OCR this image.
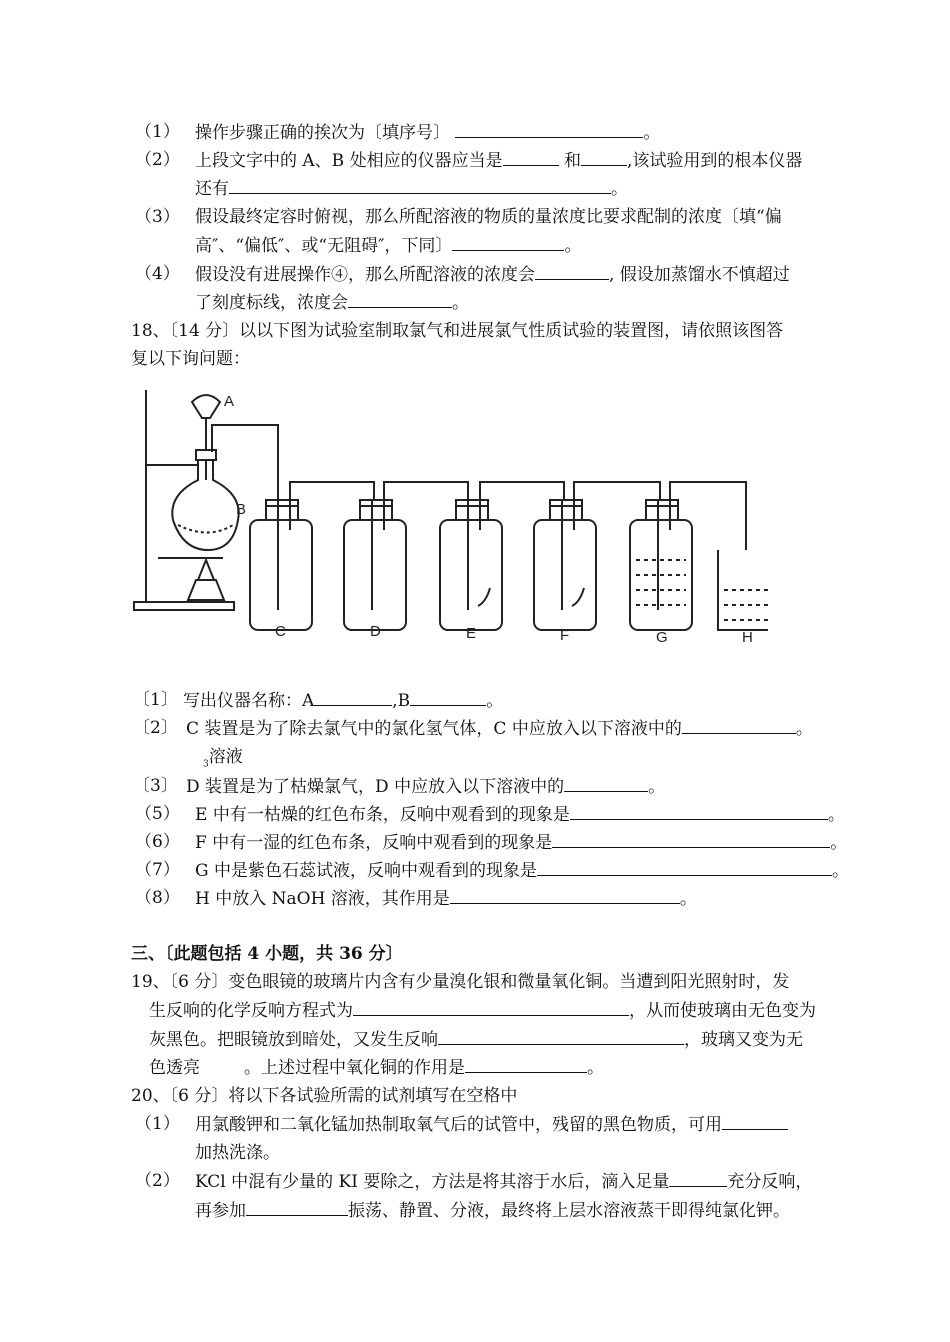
（1） 操作步骤正确的挨次为〔填序号〕	。
（2） 上段文字中的 A、B 处相应的仪器应当是	和	,该试验用到的根本仪器
还有	。
（3） 假设最终定容时俯视，那么所配溶液的物质的量浓度比要求配制的浓度〔填“偏
高″、“偏低″、或“无阻碍″，下同〕	。
（4） 假设没有进展操作④，那么所配溶液的浓度会	, 假设加蒸馏水不慎超过
了刻度标线，浓度会	。
18、〔14 分〕以以下图为试验室制取氯气和进展氯气性质试验的装置图，请依照该图答
复以下询问题：
A
B
C	D	E	F	G	H
〔1〕 写出仪器名称：A	,B	。
〔2〕 C 装置是为了除去氯气中的氯化氢气体，C 中应放入以下溶液中的	。
$_3$溶液
〔3〕 D 装置是为了枯燥氯气，D 中应放入以下溶液中的	。
（5） E 中有一枯燥的红色布条，反响中观看到的现象是	。
（6） F 中有一湿的红色布条，反响中观看到的现象是	。
（7） G 中是紫色石蕊试液，反响中观看到的现象是	。
（8） H 中放入 NaOH 溶液，其作用是	。
三、〔此题包括 4 小题，共 36 分〕
19、〔6 分〕变色眼镜的玻璃片内含有少量溴化银和微量氧化铜。当遭到阳光照射时，发
生反响的化学反响方程式为	，从而使玻璃由无色变为
灰黑色。把眼镜放到暗处，又发生反响	，玻璃又变为无
色透亮	。上述过程中氧化铜的作用是	。
20、〔6 分〕将以下各试验所需的试剂填写在空格中
（1） 用氯酸钾和二氧化锰加热制取氧气后的试管中，残留的黑色物质，可用
加热洗涤。
（2） KCl 中混有少量的 KI 要除之，方法是将其溶于水后，滴入足量	充分反响，
再参加	振荡、静置、分液，最终将上层水溶液蒸干即得纯氯化钾。
